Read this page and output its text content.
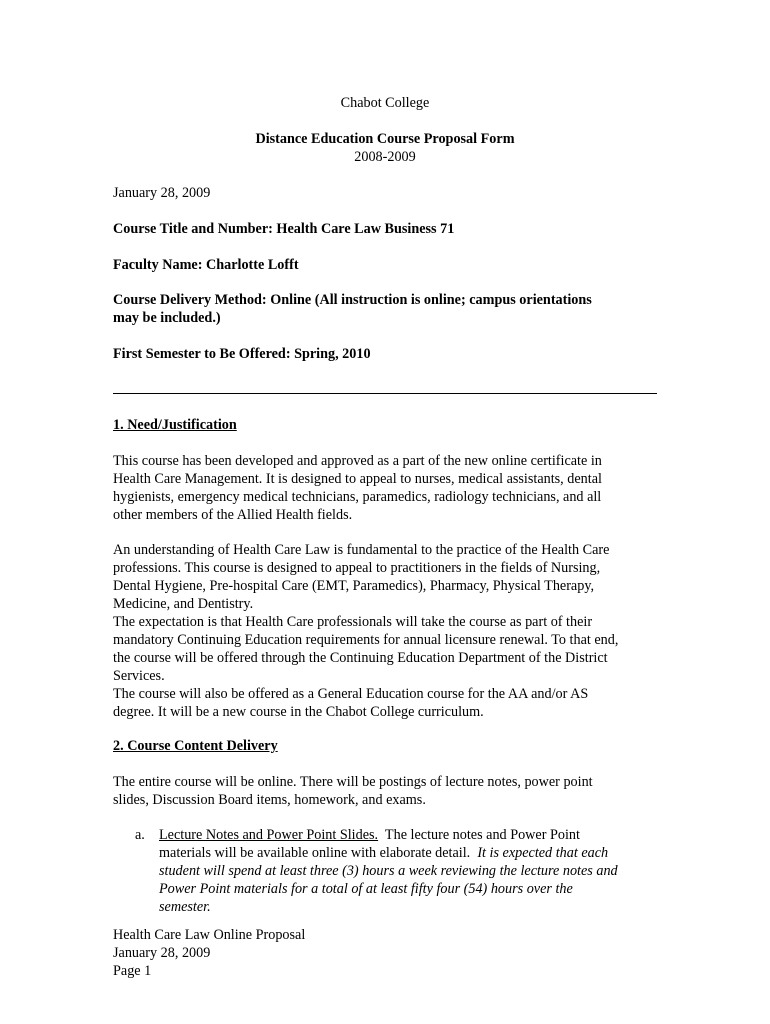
Chabot College
Distance Education Course Proposal Form
2008-2009
January 28, 2009
Course Title and Number: Health Care Law Business 71
Faculty Name: Charlotte Lofft
Course Delivery Method: Online (All instruction is online; campus orientations
may be included.)
First Semester to Be Offered: Spring, 2010
1. Need/Justification
This course has been developed and approved as a part of the new online certificate in
Health Care Management. It is designed to appeal to nurses, medical assistants, dental
hygienists, emergency medical technicians, paramedics, radiology technicians, and all
other members of the Allied Health fields.
An understanding of Health Care Law is fundamental to the practice of the Health Care
professions. This course is designed to appeal to practitioners in the fields of Nursing,
Dental Hygiene, Pre-hospital Care (EMT, Paramedics), Pharmacy, Physical Therapy,
Medicine, and Dentistry.
The expectation is that Health Care professionals will take the course as part of their
mandatory Continuing Education requirements for annual licensure renewal. To that end,
the course will be offered through the Continuing Education Department of the District
Services.
The course will also be offered as a General Education course for the AA and/or AS
degree. It will be a new course in the Chabot College curriculum.
2. Course Content Delivery
The entire course will be online. There will be postings of lecture notes, power point
slides, Discussion Board items, homework, and exams.
a. Lecture Notes and Power Point Slides.  The lecture notes and Power Point
materials will be available online with elaborate detail.  It is expected that each
student will spend at least three (3) hours a week reviewing the lecture notes and
Power Point materials for a total of at least fifty four (54) hours over the
semester.
Health Care Law Online Proposal
January 28, 2009
Page 1
